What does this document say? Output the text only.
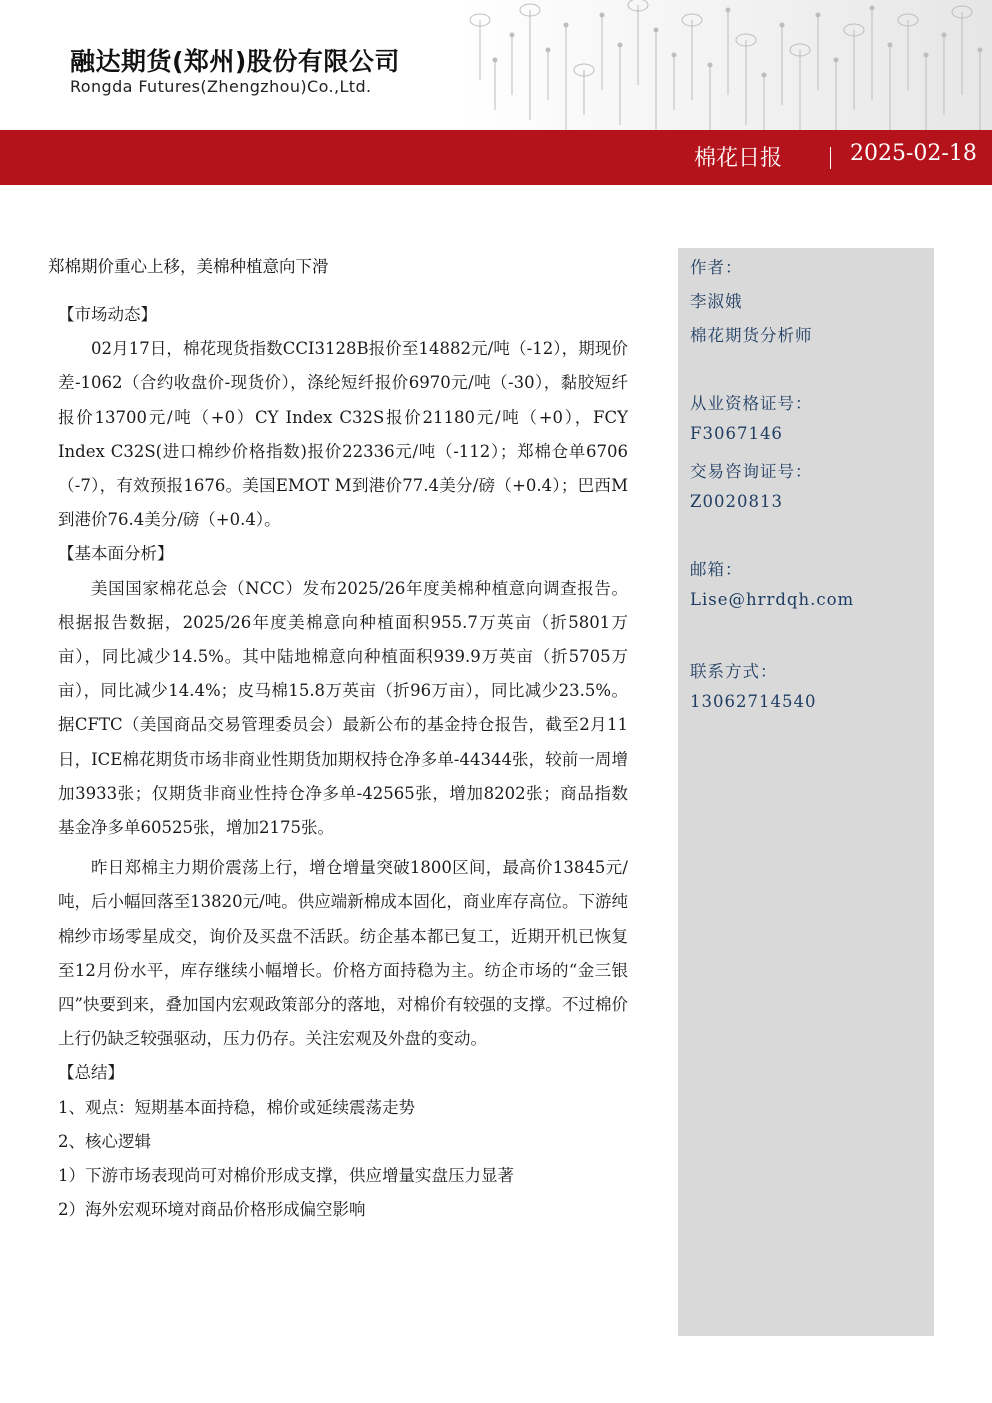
融达期货(郑州)股份有限公司
Rongda Futures(Zhengzhou)Co.,Ltd.
棉花日报	2025-02-18
郑棉期价重心上移，美棉种植意向下滑

【市场动态】

02月17日，棉花现货指数CCI3128B报价至14882元/吨（-12），期现价差-1062（合约收盘价-现货价），涤纶短纤报价6970元/吨（-30），黏胶短纤报价13700元/吨（+0）CY Index C32S报价21180元/吨（+0），FCY Index C32S(进口棉纱价格指数)报价22336元/吨（-112）；郑棉仓单6706（-7），有效预报1676。美国EMOT M到港价77.4美分/磅（+0.4）；巴西M到港价76.4美分/磅（+0.4）。

【基本面分析】

美国国家棉花总会（NCC）发布2025/26年度美棉种植意向调查报告。根据报告数据，2025/26年度美棉意向种植面积955.7万英亩（折5801万亩），同比减少14.5%。其中陆地棉意向种植面积939.9万英亩（折5705万亩），同比减少14.4%；皮马棉15.8万英亩（折96万亩），同比减少23.5%。据CFTC（美国商品交易管理委员会）最新公布的基金持仓报告，截至2月11日，ICE棉花期货市场非商业性期货加期权持仓净多单-44344张，较前一周增加3933张；仅期货非商业性持仓净多单-42565张，增加8202张；商品指数基金净多单60525张，增加2175张。

昨日郑棉主力期价震荡上行，增仓增量突破1800区间，最高价13845元/吨，后小幅回落至13820元/吨。供应端新棉成本固化，商业库存高位。下游纯棉纱市场零星成交，询价及买盘不活跃。纺企基本都已复工，近期开机已恢复至12月份水平，库存继续小幅增长。价格方面持稳为主。纺企市场的“金三银四”快要到来，叠加国内宏观政策部分的落地，对棉价有较强的支撑。不过棉价上行仍缺乏较强驱动，压力仍存。关注宏观及外盘的变动。

【总结】

1、观点：短期基本面持稳，棉价或延续震荡走势

2、核心逻辑

1）下游市场表现尚可对棉价形成支撑，供应增量实盘压力显著

2）海外宏观环境对商品价格形成偏空影响

作者：
李淑娥
棉花期货分析师
从业资格证号：
F3067146
交易咨询证号：
Z0020813
邮箱：
Lise@hrrdqh.com
联系方式：
13062714540
